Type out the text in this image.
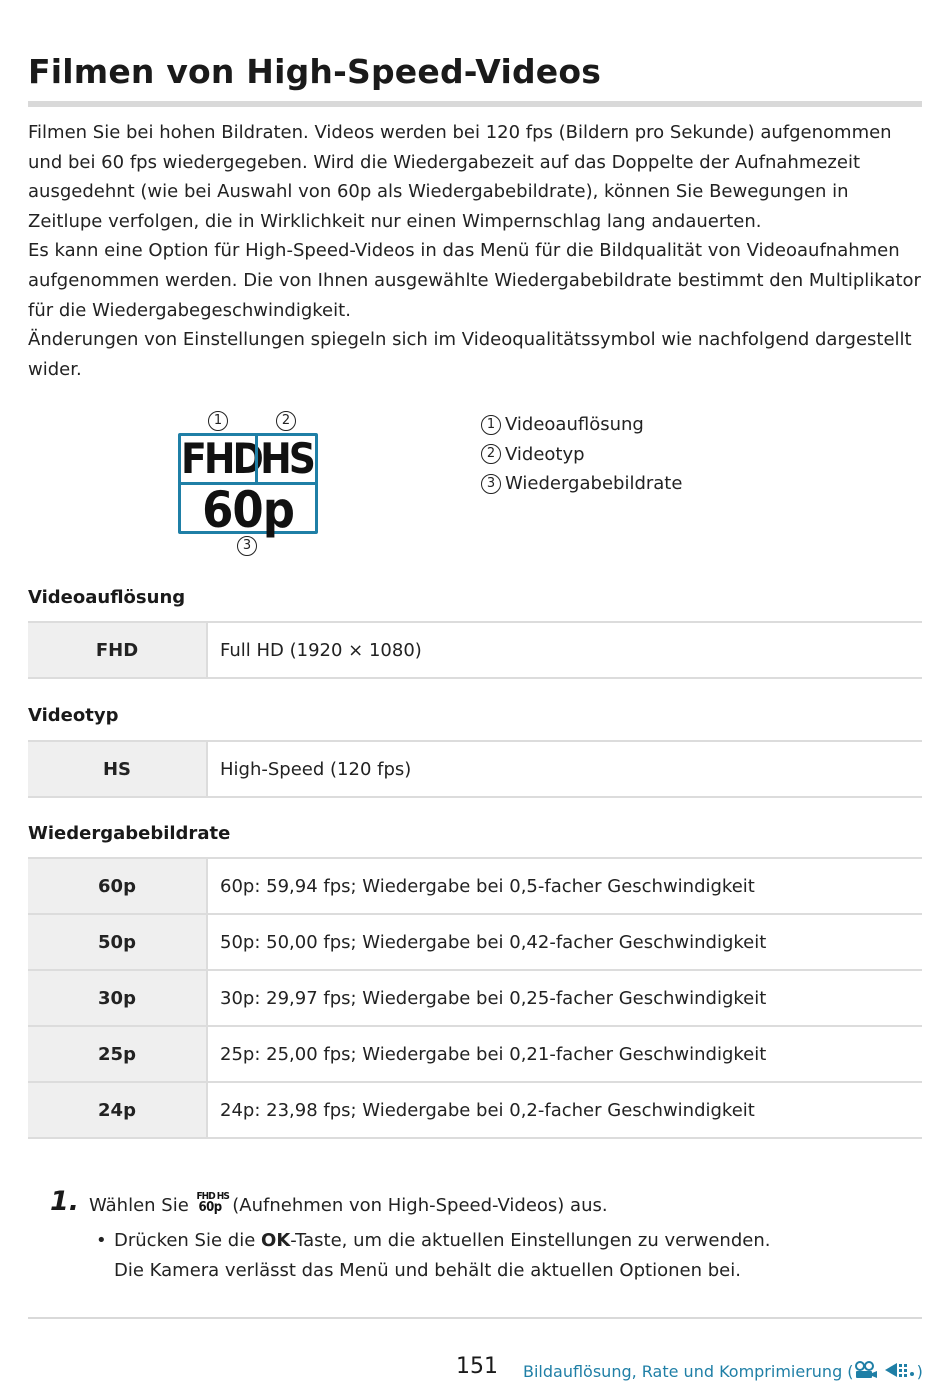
Filmen von High-Speed-Videos

Filmen Sie bei hohen Bildraten. Videos werden bei 120 fps (Bildern pro Sekunde) aufgenommen und bei 60 fps wiedergegeben. Wird die Wiedergabezeit auf das Doppelte der Aufnahmezeit ausgedehnt (wie bei Auswahl von 60p als Wiedergabebildrate), können Sie Bewegungen in Zeitlupe verfolgen, die in Wirklichkeit nur einen Wimpernschlag lang andauerten.

Es kann eine Option für High-Speed-Videos in das Menü für die Bildqualität von Videoaufnahmen aufgenommen werden. Die von Ihnen ausgewählte Wiedergabebildrate bestimmt den Multiplikator für die Wiedergabegeschwindigkeit.

Änderungen von Einstellungen spiegeln sich im Videoqualitätssymbol wie nachfolgend dargestellt wider.

1	2
FHD HS
60p
3
1 Videoauflösung
2 Videotyp
3 Wiedergabebildrate
Videoauflösung
FHD	Full HD (1920 × 1080)
Videotyp
HS	High-Speed (120 fps)
Wiedergabebildrate
60p	60p: 59,94 fps; Wiedergabe bei 0,5-facher Geschwindigkeit
50p	50p: 50,00 fps; Wiedergabe bei 0,42-facher Geschwindigkeit
30p	30p: 29,97 fps; Wiedergabe bei 0,25-facher Geschwindigkeit
25p	25p: 25,00 fps; Wiedergabe bei 0,21-facher Geschwindigkeit
24p	24p: 23,98 fps; Wiedergabe bei 0,2-facher Geschwindigkeit
1. Wählen Sie FHD HS
60p (Aufnehmen von High-Speed-Videos) aus.
• Drücken Sie die OK-Taste, um die aktuellen Einstellungen zu verwenden.
Die Kamera verlässt das Menü und behält die aktuellen Optionen bei.
151 Bildauflösung, Rate und Komprimierung (	)
